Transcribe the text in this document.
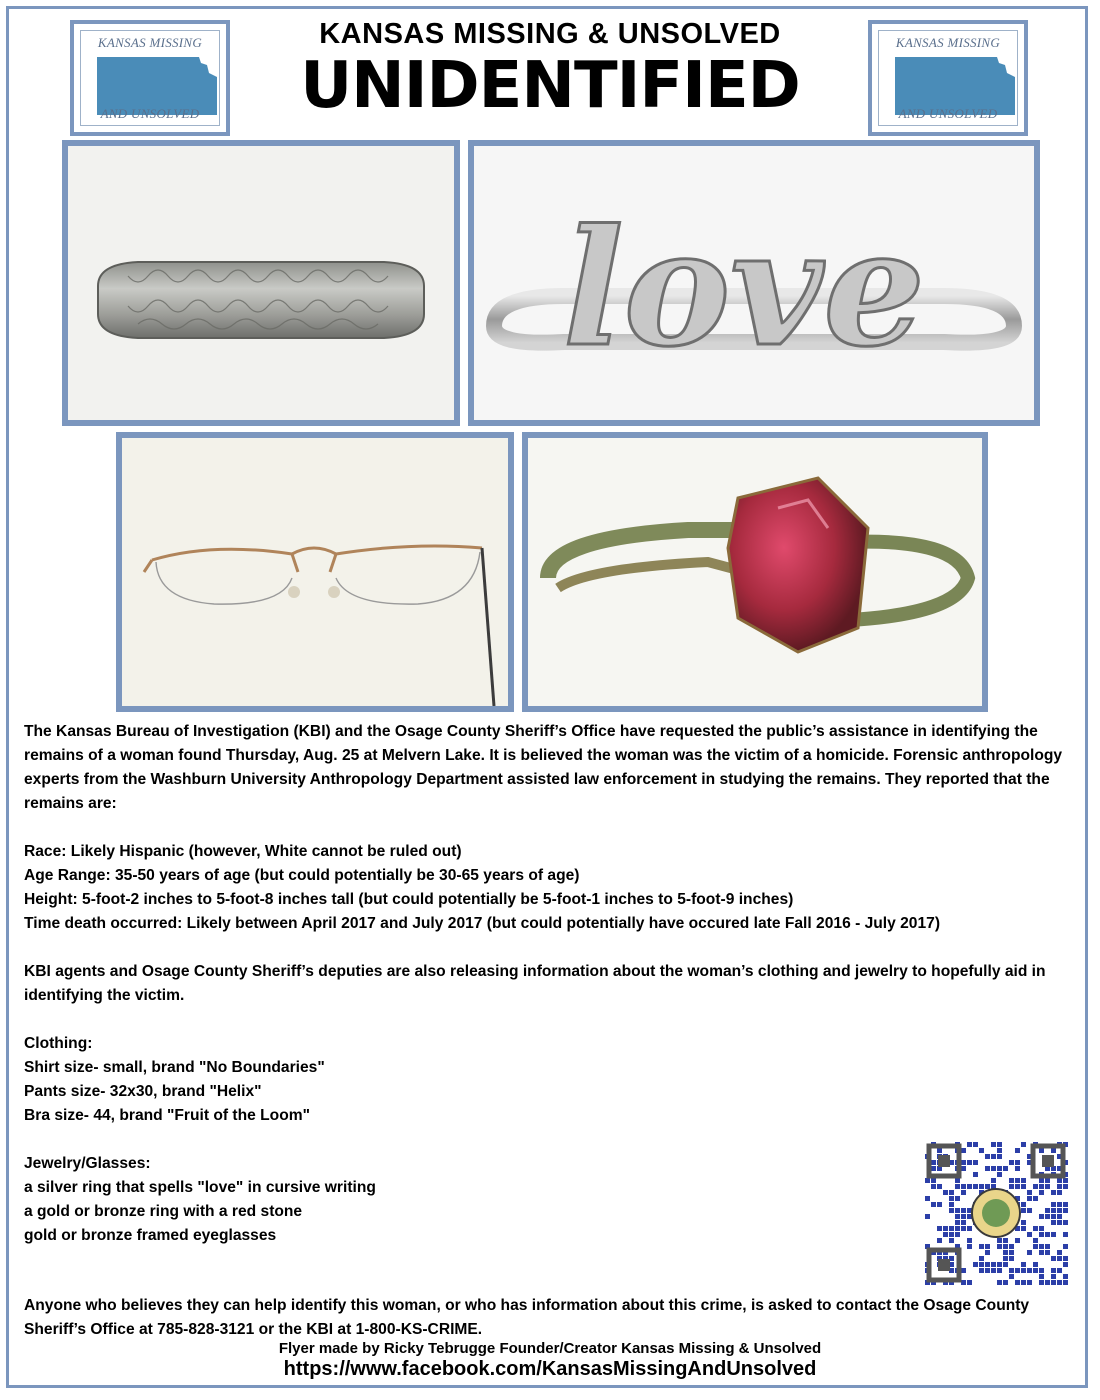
KANSAS MISSING
AND UNSOLVED
KANSAS MISSING
AND UNSOLVED
KANSAS MISSING & UNSOLVED
UNIDENTIFIED
love

The Kansas Bureau of Investigation (KBI) and the Osage County Sheriff’s Office have requested the public’s assistance in identifying the remains of a woman found Thursday, Aug. 25 at Melvern Lake. It is believed the woman was the victim of a homicide. Forensic anthropology experts from the Washburn University Anthropology Department assisted law enforcement in studying the remains. They reported that the remains are:

Race: Likely Hispanic (however, White cannot be ruled out)

Age Range: 35-50 years of age (but could potentially be 30-65 years of age)

Height: 5-foot-2 inches to 5-foot-8 inches tall (but could potentially be 5-foot-1 inches to 5-foot-9 inches)

Time death occurred: Likely between April 2017 and July 2017 (but could potentially have occured late Fall 2016 - July 2017)

KBI agents and Osage County Sheriff’s deputies are also releasing information about the woman’s clothing and jewelry to hopefully aid in identifying the victim.

Clothing:

Shirt size- small, brand "No Boundaries"

Pants size- 32x30, brand "Helix"

Bra size- 44, brand "Fruit of the Loom"

Jewelry/Glasses:

a silver ring that spells "love" in cursive writing

a gold or bronze ring with a red stone

gold or bronze framed eyeglasses

Anyone who believes they can help identify this woman, or who has information about this crime, is asked to contact the Osage County Sheriff’s Office at 785-828-3121 or the KBI at 1-800-KS-CRIME.
Flyer made by Ricky Tebrugge Founder/Creator Kansas Missing & Unsolved
https://www.facebook.com/KansasMissingAndUnsolved
